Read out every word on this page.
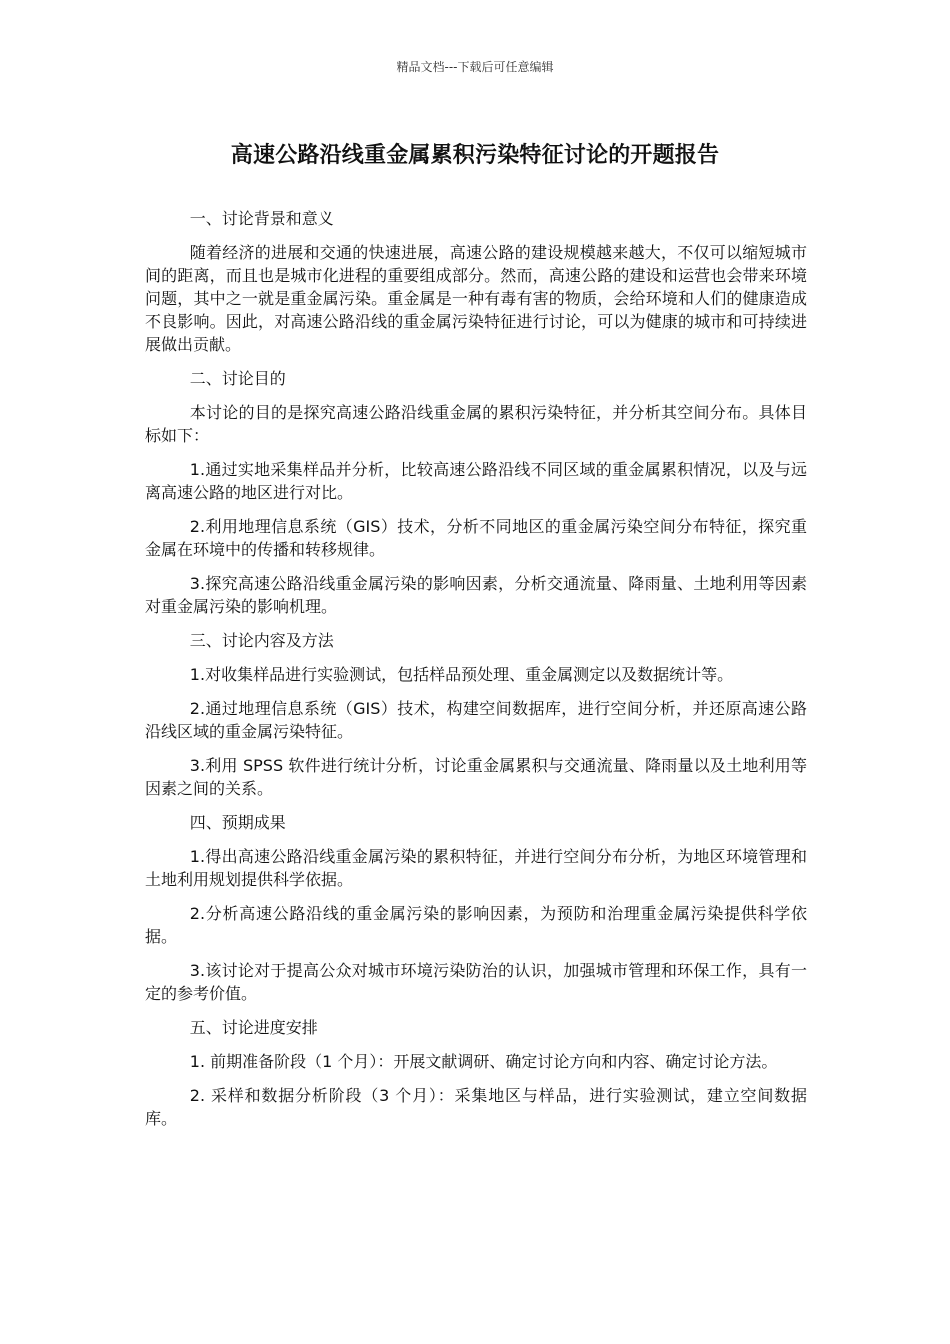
精品文档---下载后可任意编辑
高速公路沿线重金属累积污染特征讨论的开题报告
一、讨论背景和意义

随着经济的进展和交通的快速进展，高速公路的建设规模越来越大，不仅可以缩短城市间的距离，而且也是城市化进程的重要组成部分。然而，高速公路的建设和运营也会带来环境问题，其中之一就是重金属污染。重金属是一种有毒有害的物质，会给环境和人们的健康造成不良影响。因此，对高速公路沿线的重金属污染特征进行讨论，可以为健康的城市和可持续进展做出贡献。

二、讨论目的

本讨论的目的是探究高速公路沿线重金属的累积污染特征，并分析其空间分布。具体目标如下：

1.通过实地采集样品并分析，比较高速公路沿线不同区域的重金属累积情况，以及与远离高速公路的地区进行对比。

2.利用地理信息系统（GIS）技术，分析不同地区的重金属污染空间分布特征，探究重金属在环境中的传播和转移规律。

3.探究高速公路沿线重金属污染的影响因素，分析交通流量、降雨量、土地利用等因素对重金属污染的影响机理。

三、讨论内容及方法

1.对收集样品进行实验测试，包括样品预处理、重金属测定以及数据统计等。

2.通过地理信息系统（GIS）技术，构建空间数据库，进行空间分析，并还原高速公路沿线区域的重金属污染特征。

3.利用 SPSS 软件进行统计分析，讨论重金属累积与交通流量、降雨量以及土地利用等因素之间的关系。

四、预期成果

1.得出高速公路沿线重金属污染的累积特征，并进行空间分布分析，为地区环境管理和土地利用规划提供科学依据。

2.分析高速公路沿线的重金属污染的影响因素，为预防和治理重金属污染提供科学依据。

3.该讨论对于提高公众对城市环境污染防治的认识，加强城市管理和环保工作，具有一定的参考价值。

五、讨论进度安排

1. 前期准备阶段（1 个月）：开展文献调研、确定讨论方向和内容、确定讨论方法。

2. 采样和数据分析阶段（3 个月）：采集地区与样品，进行实验测试，建立空间数据库。
